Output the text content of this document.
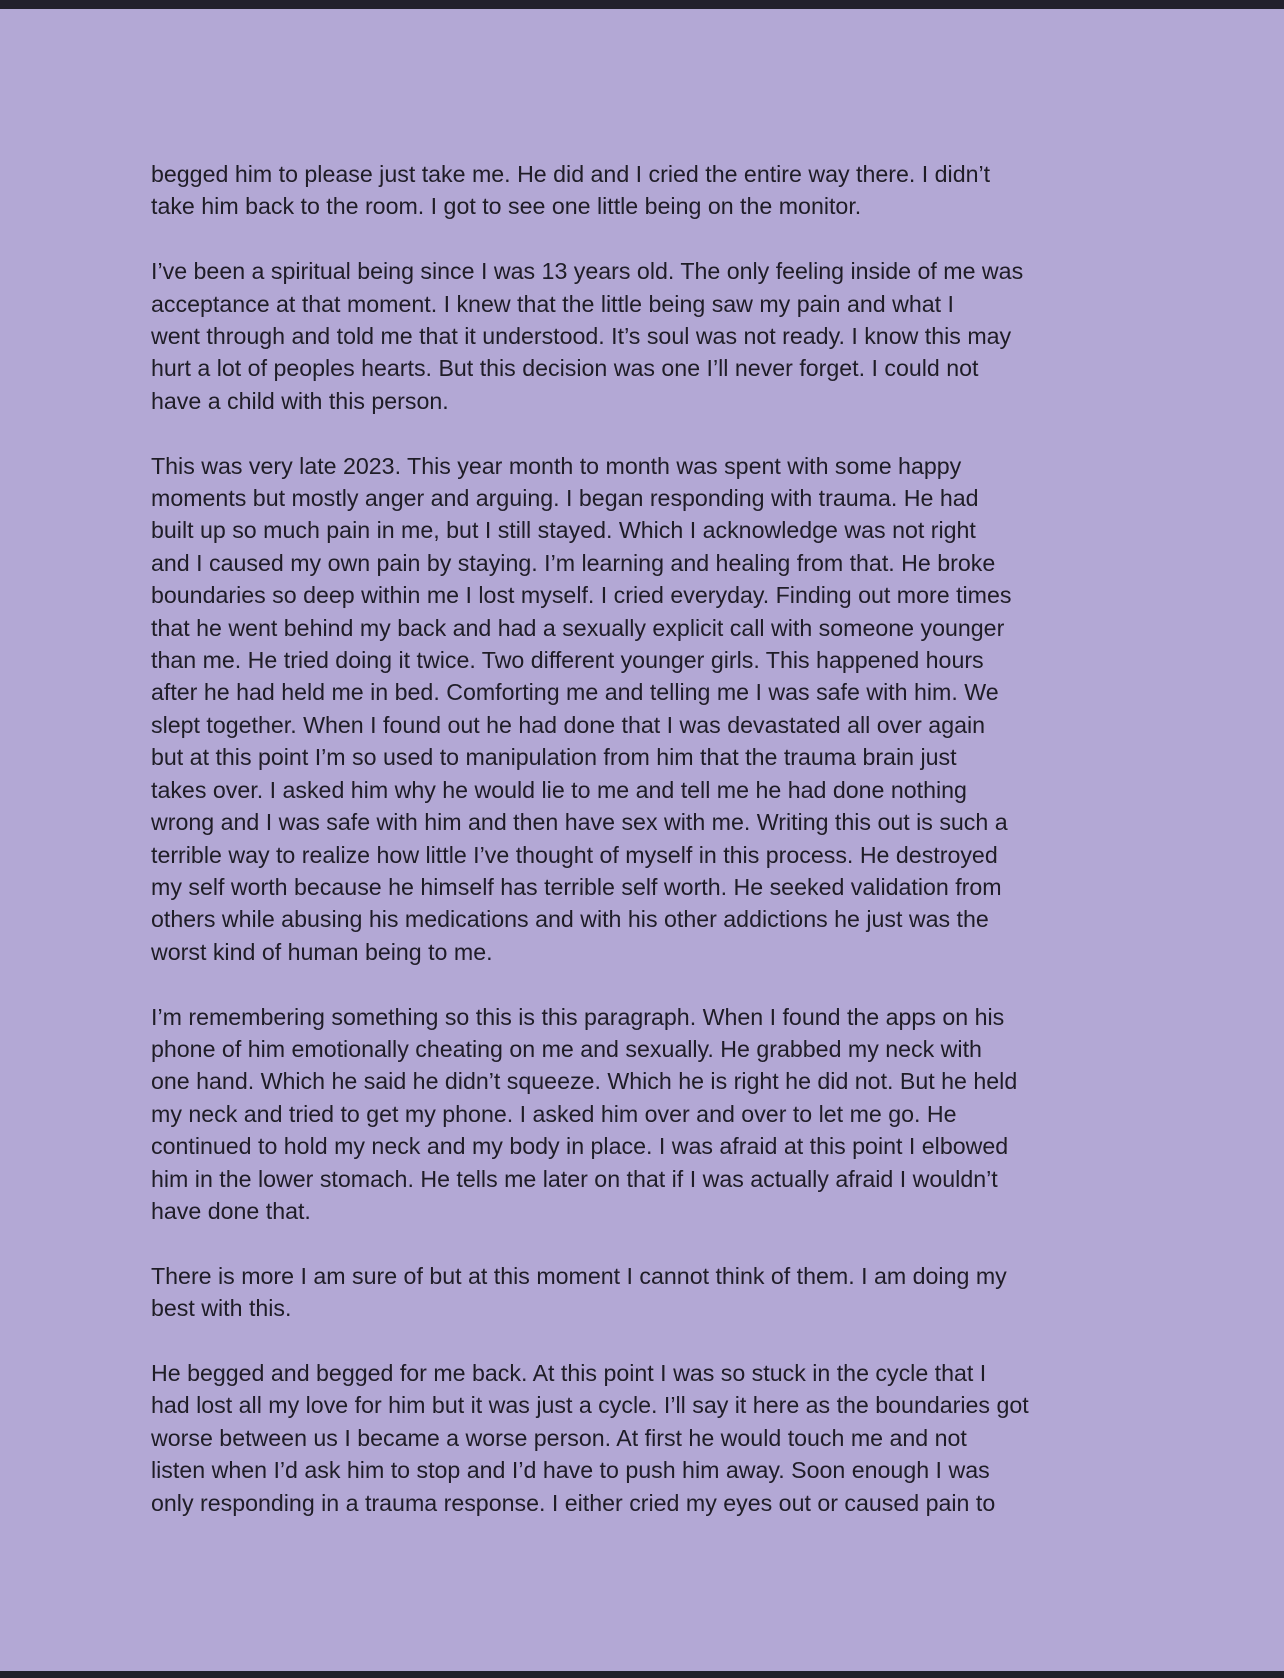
begged him to please just take me. He did and I cried the entire way there. I didn’t
take him back to the room. I got to see one little being on the monitor.

I’ve been a spiritual being since I was 13 years old. The only feeling inside of me was
acceptance at that moment. I knew that the little being saw my pain and what I
went through and told me that it understood. It’s soul was not ready. I know this may
hurt a lot of peoples hearts. But this decision was one I’ll never forget. I could not
have a child with this person.

This was very late 2023. This year month to month was spent with some happy
moments but mostly anger and arguing. I began responding with trauma. He had
built up so much pain in me, but I still stayed. Which I acknowledge was not right
and I caused my own pain by staying. I’m learning and healing from that. He broke
boundaries so deep within me I lost myself. I cried everyday. Finding out more times
that he went behind my back and had a sexually explicit call with someone younger
than me. He tried doing it twice. Two different younger girls. This happened hours
after he had held me in bed. Comforting me and telling me I was safe with him. We
slept together. When I found out he had done that I was devastated all over again
but at this point I’m so used to manipulation from him that the trauma brain just
takes over. I asked him why he would lie to me and tell me he had done nothing
wrong and I was safe with him and then have sex with me. Writing this out is such a
terrible way to realize how little I’ve thought of myself in this process. He destroyed
my self worth because he himself has terrible self worth. He seeked validation from
others while abusing his medications and with his other addictions he just was the
worst kind of human being to me.

I’m remembering something so this is this paragraph. When I found the apps on his
phone of him emotionally cheating on me and sexually. He grabbed my neck with
one hand. Which he said he didn’t squeeze. Which he is right he did not. But he held
my neck and tried to get my phone. I asked him over and over to let me go. He
continued to hold my neck and my body in place. I was afraid at this point I elbowed
him in the lower stomach. He tells me later on that if I was actually afraid I wouldn’t
have done that.

There is more I am sure of but at this moment I cannot think of them. I am doing my
best with this.

He begged and begged for me back. At this point I was so stuck in the cycle that I
had lost all my love for him but it was just a cycle. I’ll say it here as the boundaries got
worse between us I became a worse person. At first he would touch me and not
listen when I’d ask him to stop and I’d have to push him away. Soon enough I was
only responding in a trauma response. I either cried my eyes out or caused pain to
